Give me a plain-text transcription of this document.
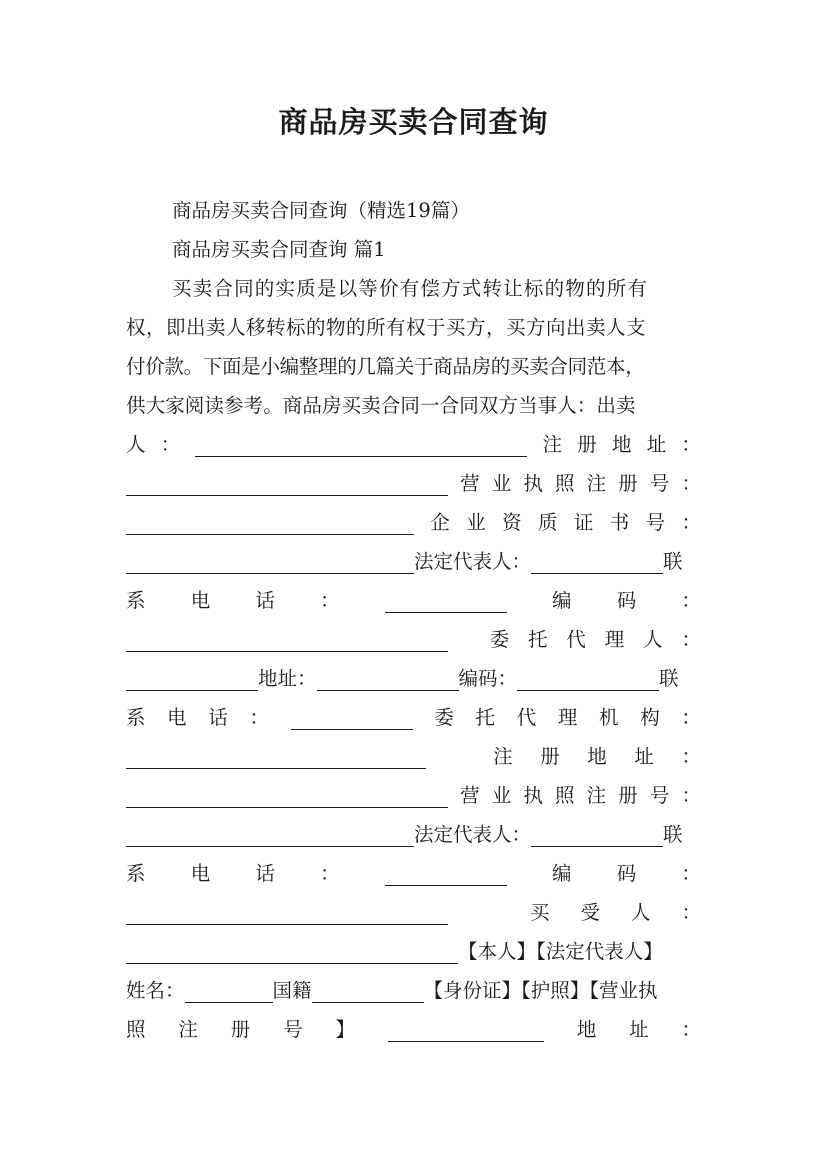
商品房买卖合同查询
商品房买卖合同查询（精选19篇）
商品房买卖合同查询 篇1
买卖合同的实质是以等价有偿方式转让标的物的所有
权，即出卖人移转标的物的所有权于买方，买方向出卖人支
付价款。下面是小编整理的几篇关于商品房的买卖合同范本，
供大家阅读参考。商品房买卖合同一合同双方当事人：出卖
人 ：	注 册 地 址 ：
营 业 执 照 注 册 号 ：
企 业 资 质 证 书 号 ：
法定代表人：	联
系 电 话 ：	编 码 ：
委 托 代 理 人 ：
地址：	编码：	联
系 电 话 ：	委 托 代 理 机 构 ：
注 册 地 址 ：
营 业 执 照 注 册 号 ：
法定代表人：	联
系 电 话 ：	编 码 ：
买 受 人 ：
【本人】【法定代表人】
姓名：	国籍	【身份证】【护照】【营业执
照 注 册 号 】	地 址 ：
